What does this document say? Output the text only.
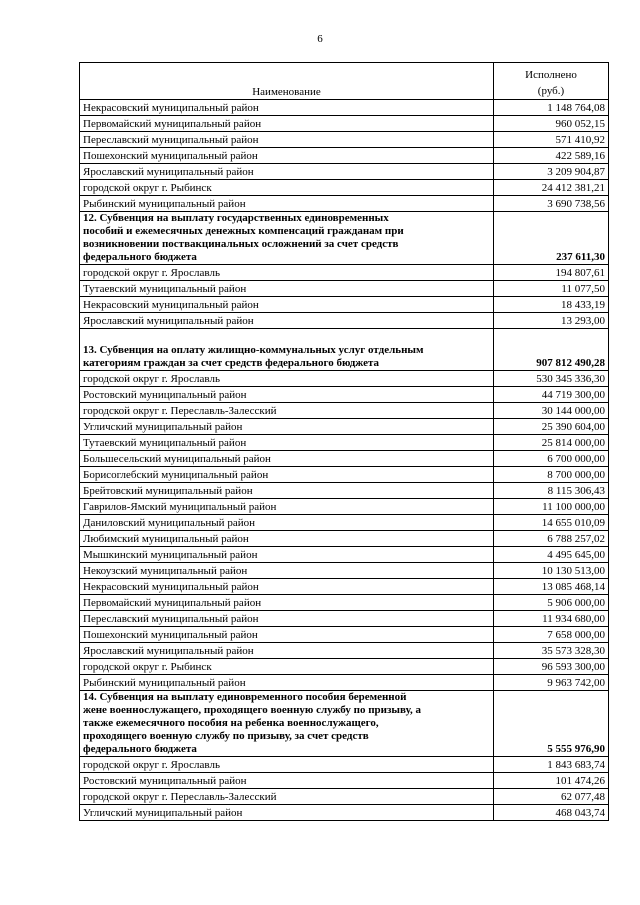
6
Наименование	Исполнено
(руб.)
Некрасовский муниципальный район	1 148 764,08
Первомайский муниципальный район	960 052,15
Переславский муниципальный район	571 410,92
Пошехонский муниципальный район	422 589,16
Ярославский муниципальный район	3 209 904,87
городской округ г. Рыбинск	24 412 381,21
Рыбинский муниципальный район	3 690 738,56

12. Субвенция на выплату государственных единовременных
пособий и ежемесячных денежных компенсаций гражданам при
возникновении поствакцинальных осложнений за счет средств
федерального бюджета	237 611,30
городской округ г. Ярославль	194 807,61
Тутаевский муниципальный район	11 077,50
Некрасовский муниципальный район	18 433,19
Ярославский муниципальный район	13 293,00

13. Субвенция на оплату жилищно-коммунальных услуг отдельным
категориям граждан за счет средств федерального бюджета	907 812 490,28
городской округ г. Ярославль	530 345 336,30
Ростовский муниципальный район	44 719 300,00
городской округ г. Переславль-Залесский	30 144 000,00
Угличский муниципальный район	25 390 604,00
Тутаевский муниципальный район	25 814 000,00
Большесельский муниципальный район	6 700 000,00
Борисоглебский муниципальный район	8 700 000,00
Брейтовский муниципальный район	8 115 306,43
Гаврилов-Ямский муниципальный район	11 100 000,00
Даниловский муниципальный район	14 655 010,09
Любимский муниципальный район	6 788 257,02
Мышкинский муниципальный район	4 495 645,00
Некоузский муниципальный район	10 130 513,00
Некрасовский муниципальный район	13 085 468,14
Первомайский муниципальный район	5 906 000,00
Переславский муниципальный район	11 934 680,00
Пошехонский муниципальный район	7 658 000,00
Ярославский муниципальный район	35 573 328,30
городской округ г. Рыбинск	96 593 300,00
Рыбинский муниципальный район	9 963 742,00

14. Субвенция на выплату единовременного пособия беременной
жене военнослужащего, проходящего военную службу по призыву, а
также ежемесячного пособия на ребенка военнослужащего,
проходящего военную службу по призыву, за счет средств
федерального бюджета	5 555 976,90
городской округ г. Ярославль	1 843 683,74
Ростовский муниципальный район	101 474,26
городской округ г. Переславль-Залесский	62 077,48
Угличский муниципальный район	468 043,74
